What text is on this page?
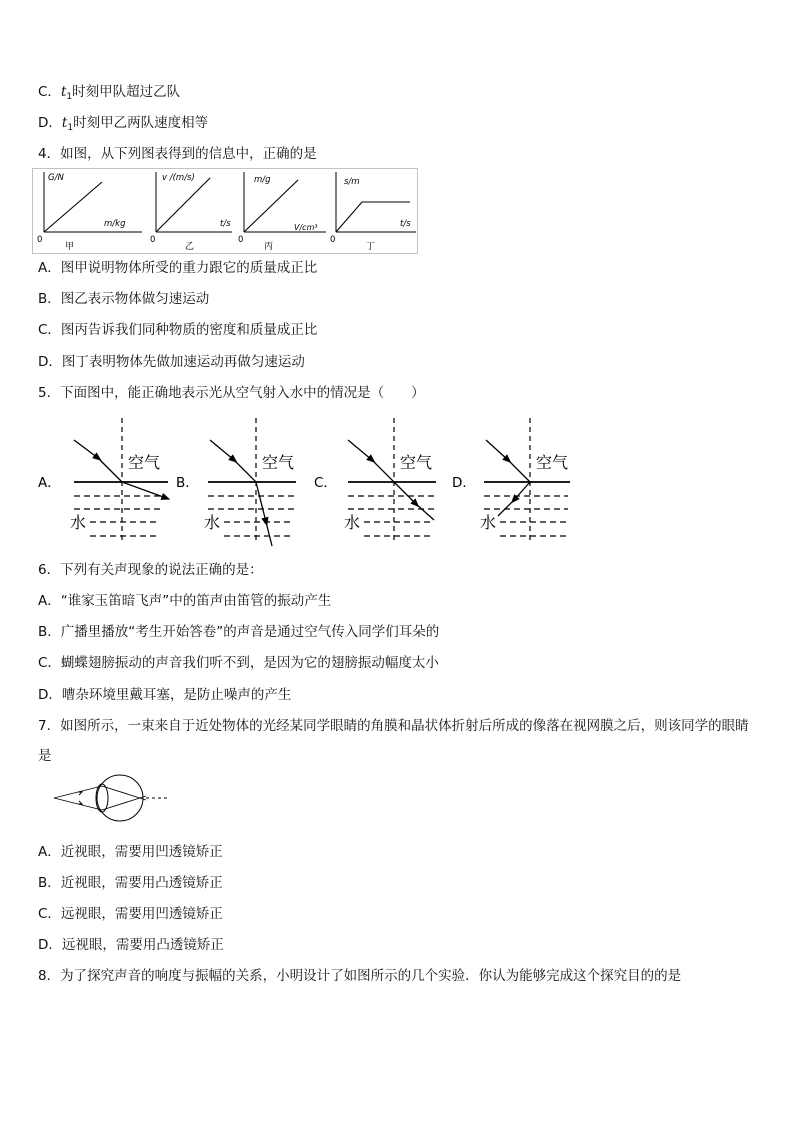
C．$t_1$时刻甲队超过乙队
D．$t_1$时刻甲乙两队速度相等
4．如图，从下列图表得到的信息中，正确的是
G/N
m/kg
0
甲
v /(m/s)
t/s
0
乙
m/g
V/cm³
0
丙
s/m
t/s
0
丁
A．图甲说明物体所受的重力跟它的质量成正比
B．图乙表示物体做匀速运动
C．图丙告诉我们同种物质的密度和质量成正比
D．图丁表明物体先做加速运动再做匀速运动
5．下面图中，能正确地表示光从空气射入水中的情况是（　　）
A．
空气
水
B．
空气
水
C．
空气
水
D．
空气
水
6．下列有关声现象的说法正确的是：
A．“谁家玉笛暗飞声”中的笛声由笛管的振动产生
B．广播里播放“考生开始答卷”的声音是通过空气传入同学们耳朵的
C．蝴蝶翅膀振动的声音我们听不到，是因为它的翅膀振动幅度太小
D．嘈杂环境里戴耳塞，是防止噪声的产生
7．如图所示，一束来自于近处物体的光经某同学眼睛的角膜和晶状体折射后所成的像落在视网膜之后，则该同学的眼睛是
A．近视眼，需要用凹透镜矫正
B．近视眼，需要用凸透镜矫正
C．远视眼，需要用凹透镜矫正
D．远视眼，需要用凸透镜矫正
8．为了探究声音的响度与振幅的关系，小明设计了如图所示的几个实验．你认为能够完成这个探究目的的是
